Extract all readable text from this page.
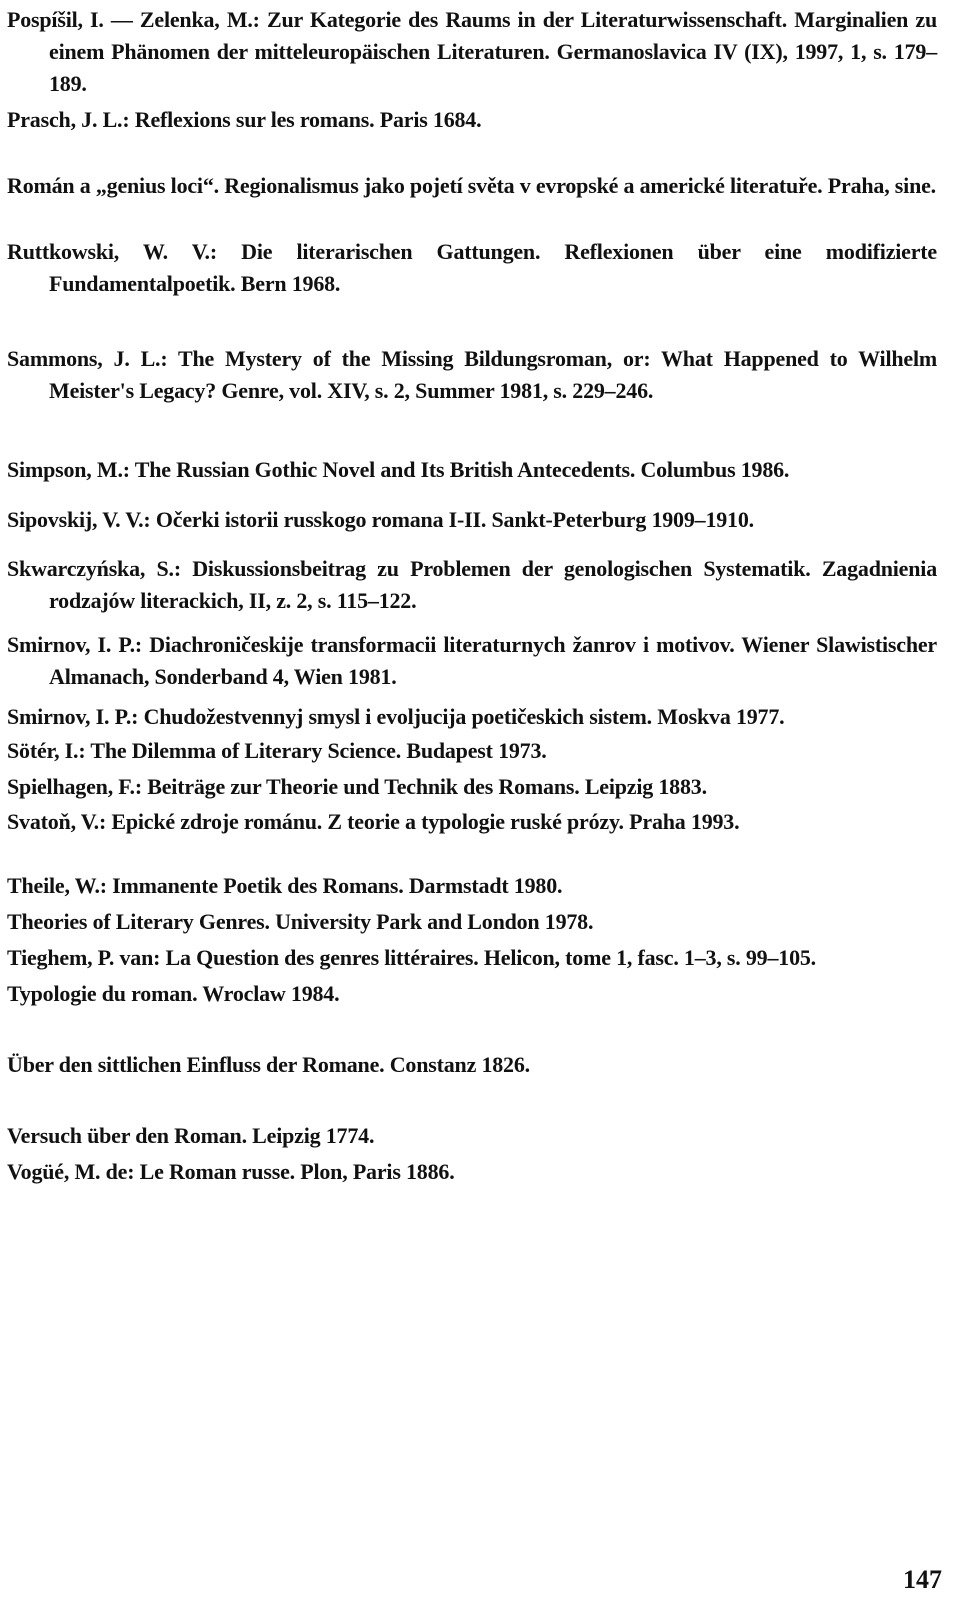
Pospíšil, I. — Zelenka, M.: Zur Kategorie des Raums in der Literaturwissenschaft. Marginalien zu einem Phänomen der mitteleuropäischen Literaturen. Germanoslavica IV (IX), 1997, 1, s. 179–189.
Prasch, J. L.: Reflexions sur les romans. Paris 1684.
Román a „genius loci“. Regionalismus jako pojetí světa v evropské a americké literatuře. Praha, sine.
Ruttkowski, W. V.: Die literarischen Gattungen. Reflexionen über eine modifizierte Fundamentalpoetik. Bern 1968.
Sammons, J. L.: The Mystery of the Missing Bildungsroman, or: What Happened to Wilhelm Meister's Legacy? Genre, vol. XIV, s. 2, Summer 1981, s. 229–246.
Simpson, M.: The Russian Gothic Novel and Its British Antecedents. Columbus 1986.
Sipovskij, V. V.: Očerki istorii russkogo romana I-II. Sankt-Peterburg 1909–1910.
Skwarczyńska, S.: Diskussionsbeitrag zu Problemen der genologischen Systematik. Zagadnienia rodzajów literackich, II, z. 2, s. 115–122.
Smirnov, I. P.: Diachroničeskije transformacii literaturnych žanrov i motivov. Wiener Slawistischer Almanach, Sonderband 4, Wien 1981.
Smirnov, I. P.: Chudožestvennyj smysl i evoljucija poetičeskich sistem. Moskva 1977.
Sötér, I.: The Dilemma of Literary Science. Budapest 1973.
Spielhagen, F.: Beiträge zur Theorie und Technik des Romans. Leipzig 1883.
Svatoň, V.: Epické zdroje románu. Z teorie a typologie ruské prózy. Praha 1993.
Theile, W.: Immanente Poetik des Romans. Darmstadt 1980.
Theories of Literary Genres. University Park and London 1978.
Tieghem, P. van: La Question des genres littéraires. Helicon, tome 1, fasc. 1–3, s. 99–105.
Typologie du roman. Wroclaw 1984.
Über den sittlichen Einfluss der Romane. Constanz 1826.
Versuch über den Roman. Leipzig 1774.
Vogüé, M. de: Le Roman russe. Plon, Paris 1886.
147
